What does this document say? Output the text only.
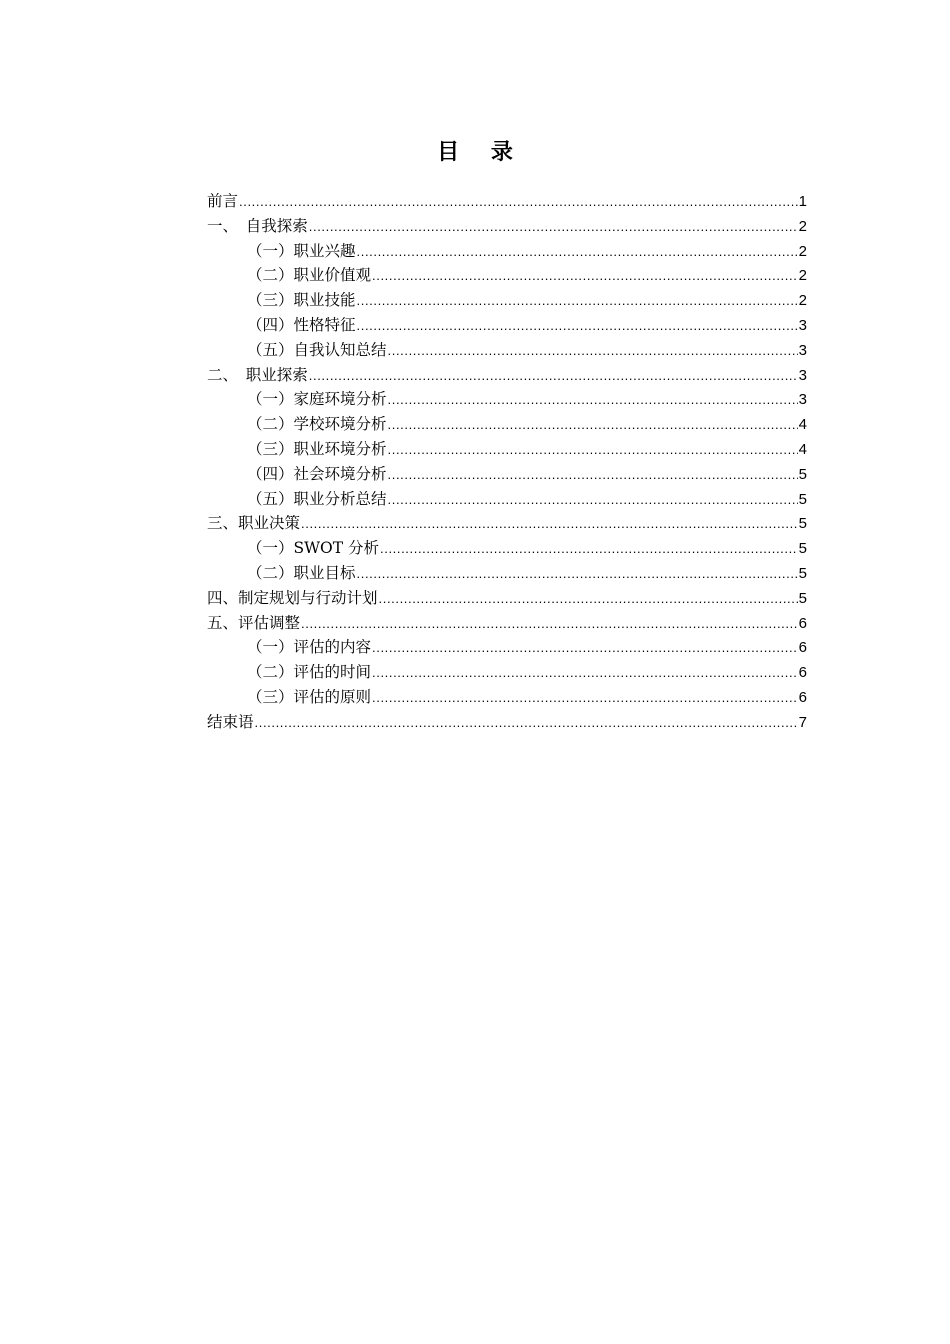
目 录
前言 .....	1
一、　自我探索 .....	2
（一）职业兴趣 .....	2
（二）职业价值观 .....	2
（三）职业技能 .....	2
（四）性格特征 .....	3
（五）自我认知总结 .....	3
二、　职业探索 .....	3
（一）家庭环境分析 .....	3
（二）学校环境分析 .....	4
（三）职业环境分析 .....	4
（四）社会环境分析 .....	5
（五）职业分析总结 .....	5
三、职业决策 .....	5
（一）SWOT 分析 .....	5
（二）职业目标 .....	5
四、制定规划与行动计划 .....	5
五、评估调整 .....	6
（一）评估的内容 .....	6
（二）评估的时间 .....	6
（三）评估的原则 .....	6
结束语 .....	7
